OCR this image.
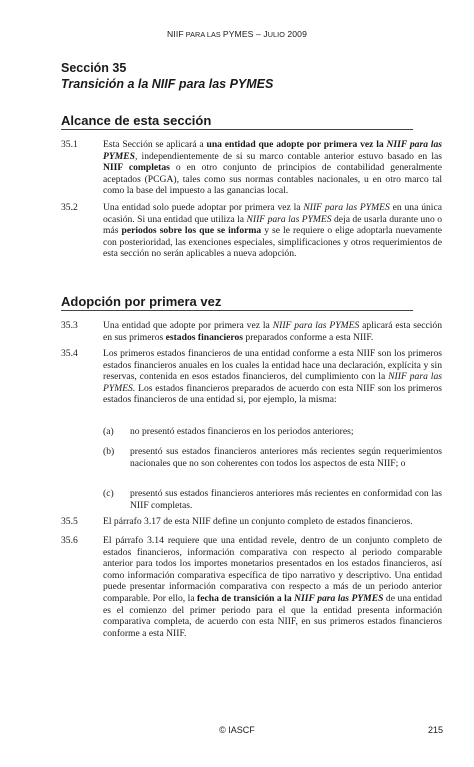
NIIF PARA LAS PYMES – JULIO 2009
Sección 35
Transición a la NIIF para las PYMES
Alcance de esta sección
35.1	Esta Sección se aplicará a una entidad que adopte por primera vez la NIIF para las PYMES, independientemente de si su marco contable anterior estuvo basado en las NIIF completas o en otro conjunto de principios de contabilidad generalmente aceptados (PCGA), tales como sus normas contables nacionales, u en otro marco tal como la base del impuesto a las ganancias local.
35.2	Una entidad solo puede adoptar por primera vez la NIIF para las PYMES en una única ocasión. Si una entidad que utiliza la NIIF para las PYMES deja de usarla durante uno o más periodos sobre los que se informa y se le requiere o elige adoptarla nuevamente con posterioridad, las exenciones especiales, simplificaciones y otros requerimientos de esta sección no serán aplicables a nueva adopción.
Adopción por primera vez
35.3	Una entidad que adopte por primera vez la NIIF para las PYMES aplicará esta sección en sus primeros estados financieros preparados conforme a esta NIIF.
35.4	Los primeros estados financieros de una entidad conforme a esta NIIF son los primeros estados financieros anuales en los cuales la entidad hace una declaración, explícita y sin reservas, contenida en esos estados financieros, del cumplimiento con la NIIF para las PYMES. Los estados financieros preparados de acuerdo con esta NIIF son los primeros estados financieros de una entidad si, por ejemplo, la misma:
(a) no presentó estados financieros en los periodos anteriores;
(b) presentó sus estados financieros anteriores más recientes según requerimientos nacionales que no son coherentes con todos los aspectos de esta NIIF; o
(c) presentó sus estados financieros anteriores más recientes en conformidad con las NIIF completas.
35.5	El párrafo 3.17 de esta NIIF define un conjunto completo de estados financieros.
35.6	El párrafo 3.14 requiere que una entidad revele, dentro de un conjunto completo de estados financieros, información comparativa con respecto al periodo comparable anterior para todos los importes monetarios presentados en los estados financieros, así como información comparativa específica de tipo narrativo y descriptivo. Una entidad puede presentar información comparativa con respecto a más de un periodo anterior comparable. Por ello, la fecha de transición a la NIIF para las PYMES de una entidad es el comienzo del primer periodo para el que la entidad presenta información comparativa completa, de acuerdo con esta NIIF, en sus primeros estados financieros conforme a esta NIIF.
© IASCF	215
